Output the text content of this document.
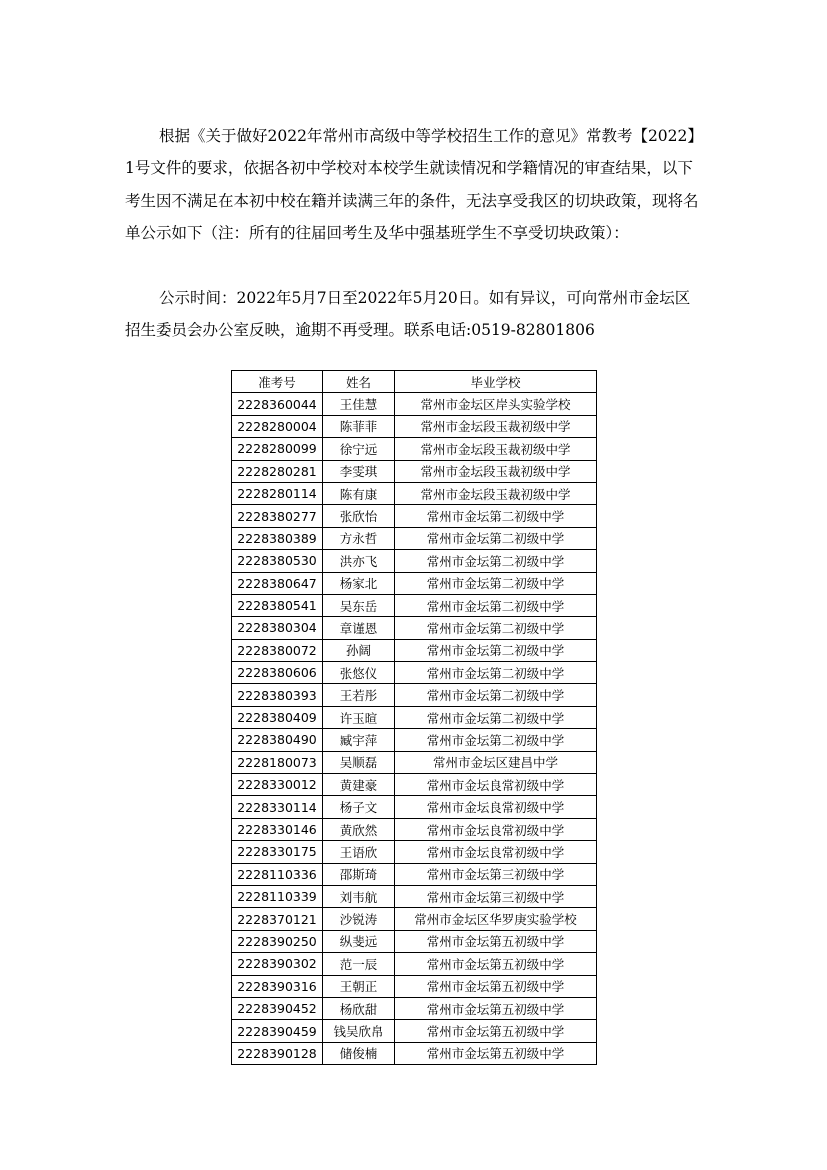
根据《关于做好2022年常州市高级中等学校招生工作的意见》常教考【2022】1号文件的要求，依据各初中学校对本校学生就读情况和学籍情况的审查结果，以下考生因不满足在本初中校在籍并读满三年的条件，无法享受我区的切块政策，现将名单公示如下（注：所有的往届回考生及华中强基班学生不享受切块政策）：

公示时间：2022年5月7日至2022年5月20日。如有异议，可向常州市金坛区招生委员会办公室反映，逾期不再受理。联系电话:0519-82801806

准考号	姓名	毕业学校
2228360044	王佳慧	常州市金坛区岸头实验学校
2228280004	陈菲菲	常州市金坛段玉裁初级中学
2228280099	徐宁远	常州市金坛段玉裁初级中学
2228280281	李雯琪	常州市金坛段玉裁初级中学
2228280114	陈有康	常州市金坛段玉裁初级中学
2228380277	张欣怡	常州市金坛第二初级中学
2228380389	方永哲	常州市金坛第二初级中学
2228380530	洪亦飞	常州市金坛第二初级中学
2228380647	杨家北	常州市金坛第二初级中学
2228380541	吴东岳	常州市金坛第二初级中学
2228380304	章谨恩	常州市金坛第二初级中学
2228380072	孙阔	常州市金坛第二初级中学
2228380606	张悠仪	常州市金坛第二初级中学
2228380393	王若彤	常州市金坛第二初级中学
2228380409	许玉暄	常州市金坛第二初级中学
2228380490	臧宇萍	常州市金坛第二初级中学
2228180073	吴顺磊	常州市金坛区建昌中学
2228330012	黄建豪	常州市金坛良常初级中学
2228330114	杨子文	常州市金坛良常初级中学
2228330146	黄欣然	常州市金坛良常初级中学
2228330175	王语欣	常州市金坛良常初级中学
2228110336	邵斯琦	常州市金坛第三初级中学
2228110339	刘韦航	常州市金坛第三初级中学
2228370121	沙锐涛	常州市金坛区华罗庚实验学校
2228390250	纵斐远	常州市金坛第五初级中学
2228390302	范一辰	常州市金坛第五初级中学
2228390316	王朝正	常州市金坛第五初级中学
2228390452	杨欣甜	常州市金坛第五初级中学
2228390459	钱吴欣帛	常州市金坛第五初级中学
2228390128	储俊楠	常州市金坛第五初级中学
